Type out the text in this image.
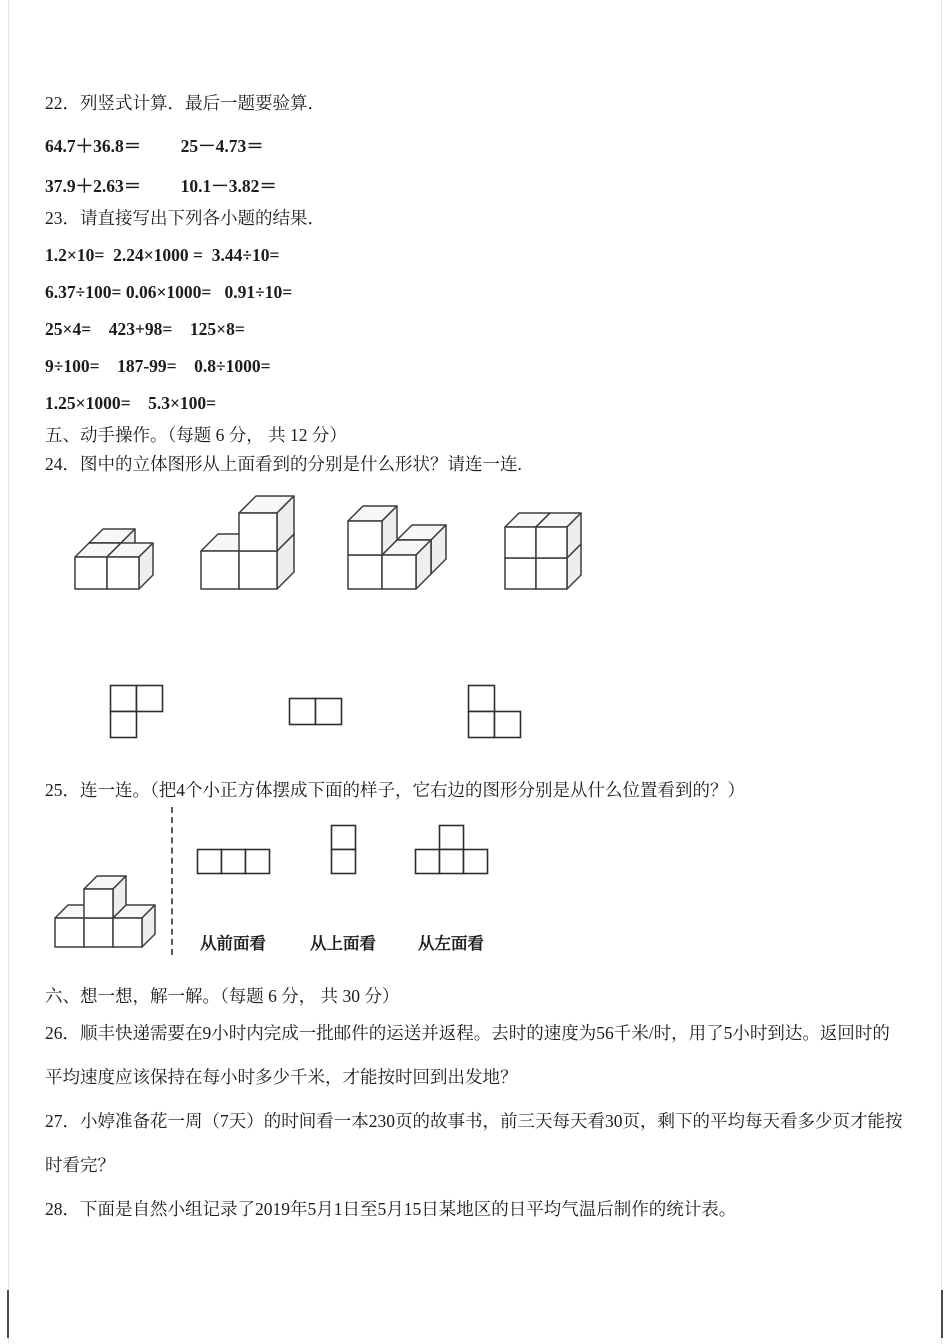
22．列竖式计算．最后一题要验算．
64.7＋36.8＝　　 25－4.73＝
37.9＋2.63＝　　 10.1－3.82＝
23．请直接写出下列各小题的结果．
1.2×10=  2.24×1000 =  3.44÷10=
6.37÷100= 0.06×1000=   0.91÷10=
25×4=    423+98=    125×8=
9÷100=    187-99=    0.8÷1000=
1.25×1000=    5.3×100=
五、动手操作。（每题 6 分， 共 12 分）
24．图中的立体图形从上面看到的分别是什么形状？请连一连.
25．连一连。（把4个小正方体摆成下面的样子，它右边的图形分别是从什么位置看到的？）
从前面看	从上面看	从左面看
六、想一想，解一解。（每题 6 分， 共 30 分）
26．顺丰快递需要在9小时内完成一批邮件的运送并返程。去时的速度为56千米/时，用了5小时到达。返回时的平均速度应该保持在每小时多少千米，才能按时回到出发地？
27．小婷准备花一周（7天）的时间看一本230页的故事书，前三天每天看30页，剩下的平均每天看多少页才能按时看完？
28．下面是自然小组记录了2019年5月1日至5月15日某地区的日平均气温后制作的统计表。
